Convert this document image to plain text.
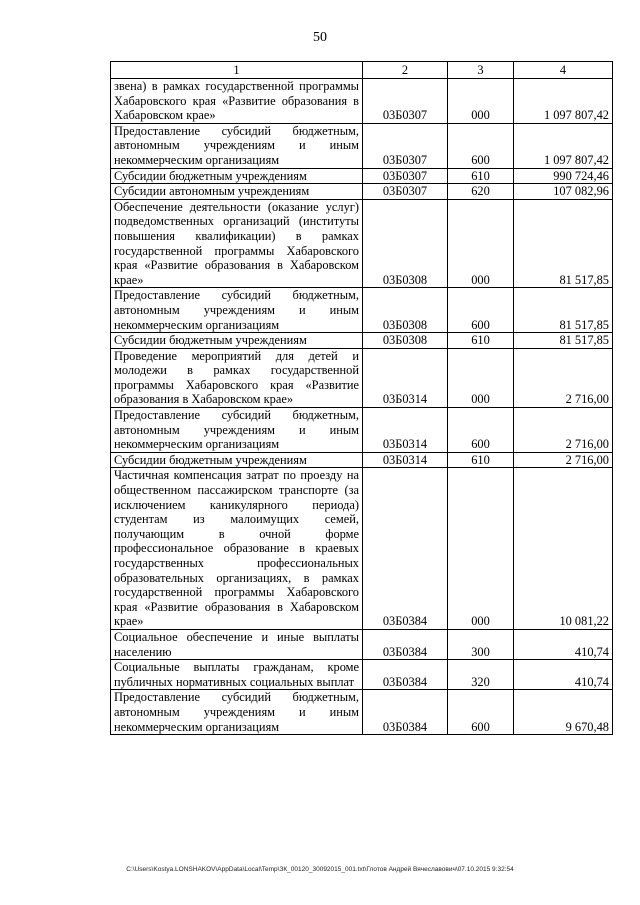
50
1	2	3	4
звена) в рамках государственной программы Хабаровского края «Развитие образования в Хабаровском крае»	03Б0307	000	1 097 807,42
Предоставление субсидий бюджетным, автономным учреждениям и иным некоммерческим организациям	03Б0307	600	1 097 807,42
Субсидии бюджетным учреждениям	03Б0307	610	990 724,46
Субсидии автономным учреждениям	03Б0307	620	107 082,96
Обеспечение деятельности (оказание услуг) подведомственных организаций (институты повышения квалификации) в рамках государственной программы Хабаровского края «Развитие образования в Хабаровском крае»	03Б0308	000	81 517,85
Предоставление субсидий бюджетным, автономным учреждениям и иным некоммерческим организациям	03Б0308	600	81 517,85
Субсидии бюджетным учреждениям	03Б0308	610	81 517,85
Проведение мероприятий для детей и молодежи в рамках государственной программы Хабаровского края «Развитие образования в Хабаровском крае»	03Б0314	000	2 716,00
Предоставление субсидий бюджетным, автономным учреждениям и иным некоммерческим организациям	03Б0314	600	2 716,00
Субсидии бюджетным учреждениям	03Б0314	610	2 716,00
Частичная компенсация затрат по проезду на общественном пассажирском транспорте (за исключением каникулярного периода) студентам из малоимущих семей, получающим в очной форме профессиональное образование в краевых государственных профессиональных образовательных организациях, в рамках государственной программы Хабаровского края «Развитие образования в Хабаровском крае»	03Б0384	000	10 081,22
Социальное обеспечение и иные выплаты населению	03Б0384	300	410,74
Социальные выплаты гражданам, кроме публичных нормативных социальных выплат	03Б0384	320	410,74
Предоставление субсидий бюджетным, автономным учреждениям и иным некоммерческим организациям	03Б0384	600	9 670,48
C:\Users\Kostya.LONSHAKOV\AppData\Local\Temp\ЗК_00120_30092015_001.txt\Глотов Андрей Вячеславович\07.10.2015 9:32:54
